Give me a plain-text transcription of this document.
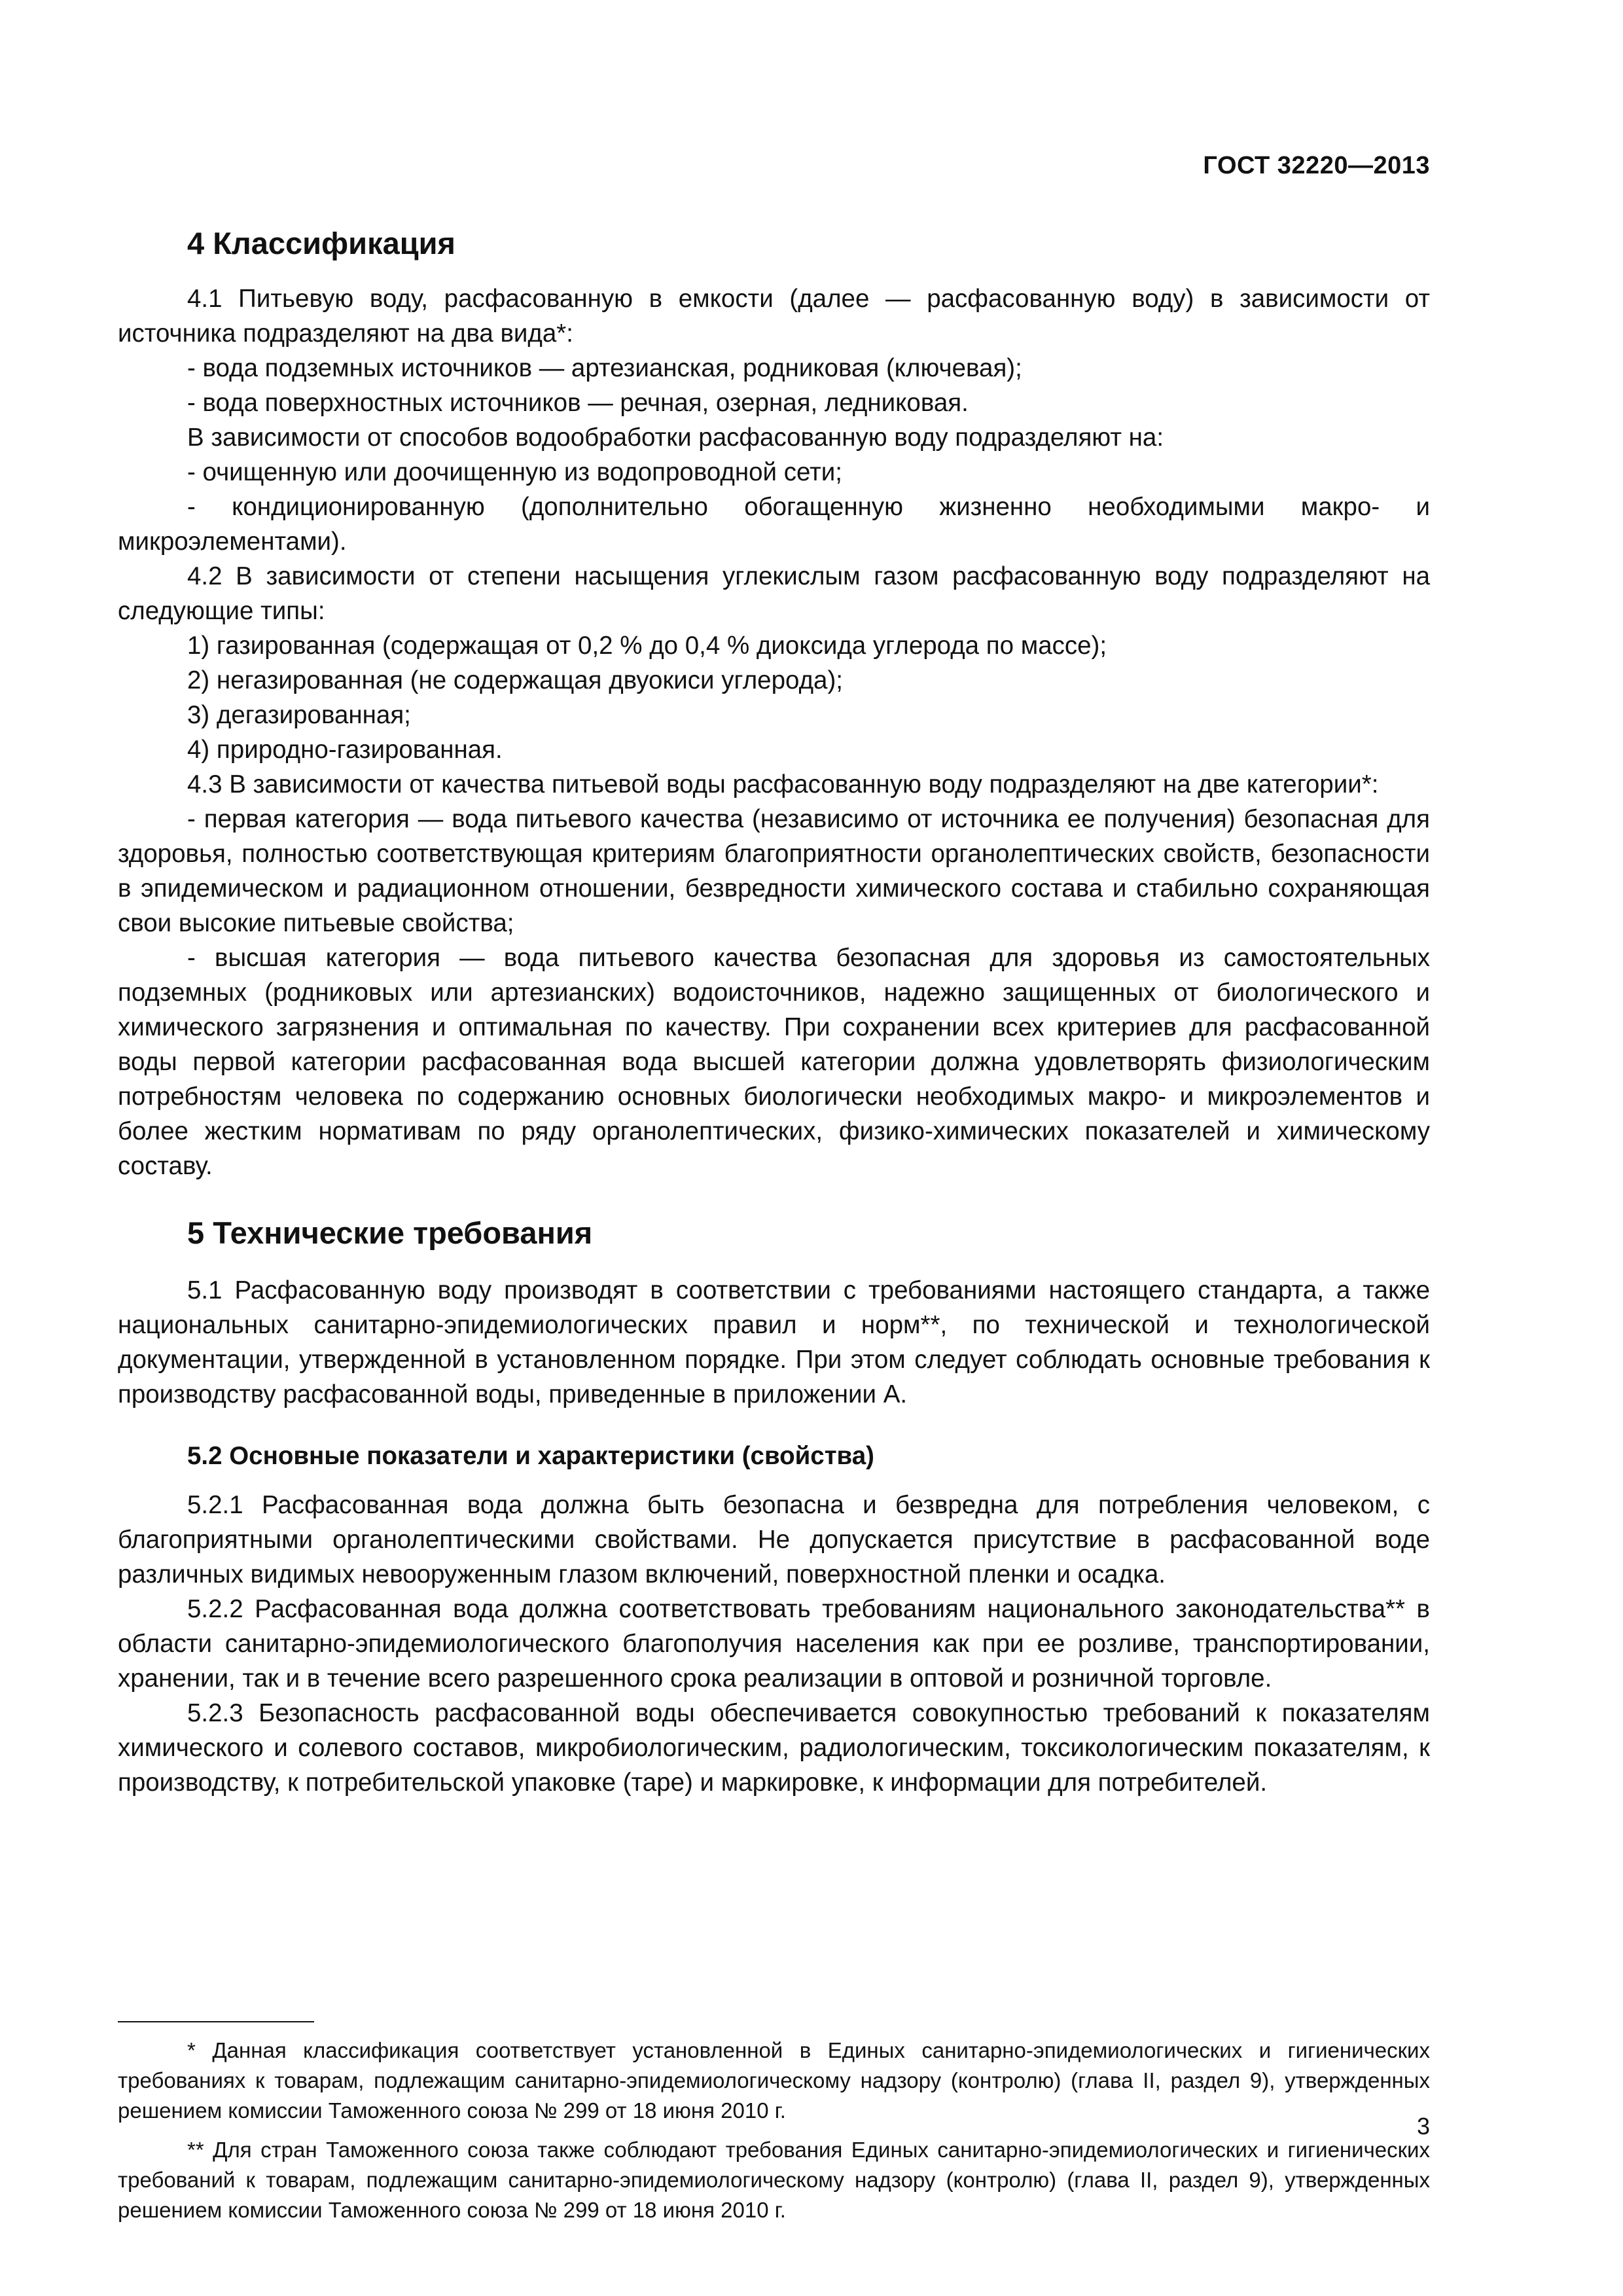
ГОСТ 32220—2013
4 Классификация

4.1 Питьевую воду, расфасованную в емкости (далее — расфасованную воду) в зависимости от источника подразделяют на два вида*:

- вода подземных источников — артезианская, родниковая (ключевая);

- вода поверхностных источников — речная, озерная, ледниковая.

В зависимости от способов водообработки расфасованную воду подразделяют на:

- очищенную или доочищенную из водопроводной сети;

- кондиционированную (дополнительно обогащенную жизненно необходимыми макро- и микроэлементами).

4.2 В зависимости от степени насыщения углекислым газом расфасованную воду подразделяют на следующие типы:

1) газированная (содержащая от 0,2 % до 0,4 % диоксида углерода по массе);

2) негазированная (не содержащая двуокиси углерода);

3) дегазированная;

4) природно-газированная.

4.3 В зависимости от качества питьевой воды расфасованную воду подразделяют на две категории*:

- первая категория — вода питьевого качества (независимо от источника ее получения) безопасная для здоровья, полностью соответствующая критериям благоприятности органолептических свойств, безопасности в эпидемическом и радиационном отношении, безвредности химического состава и стабильно сохраняющая свои высокие питьевые свойства;

- высшая категория — вода питьевого качества безопасная для здоровья из самостоятельных подземных (родниковых или артезианских) водоисточников, надежно защищенных от биологического и химического загрязнения и оптимальная по качеству. При сохранении всех критериев для расфасованной воды первой категории расфасованная вода высшей категории должна удовлетворять физиологическим потребностям человека по содержанию основных биологически необходимых макро- и микроэлементов и более жестким нормативам по ряду органолептических, физико-химических показателей и химическому составу.

5 Технические требования

5.1 Расфасованную воду производят в соответствии с требованиями настоящего стандарта, а также национальных санитарно-эпидемиологических правил и норм**, по технической и технологической документации, утвержденной в установленном порядке. При этом следует соблюдать основные требования к производству расфасованной воды, приведенные в приложении А.

5.2 Основные показатели и характеристики (свойства)

5.2.1 Расфасованная вода должна быть безопасна и безвредна для потребления человеком, с благоприятными органолептическими свойствами. Не допускается присутствие в расфасованной воде различных видимых невооруженным глазом включений, поверхностной пленки и осадка.

5.2.2 Расфасованная вода должна соответствовать требованиям национального законодательства** в области санитарно-эпидемиологического благополучия населения как при ее розливе, транспортировании, хранении, так и в течение всего разрешенного срока реализации в оптовой и розничной торговле.

5.2.3 Безопасность расфасованной воды обеспечивается совокупностью требований к показателям химического и солевого составов, микробиологическим, радиологическим, токсикологическим показателям, к производству, к потребительской упаковке (таре) и маркировке, к информации для потребителей.

* Данная классификация соответствует установленной в Единых санитарно-эпидемиологических и гигиенических требованиях к товарам, подлежащим санитарно-эпидемиологическому надзору (контролю) (глава II, раздел 9), утвержденных решением комиссии Таможенного союза № 299 от 18 июня 2010 г.

** Для стран Таможенного союза также соблюдают требования Единых санитарно-эпидемиологических и гигиенических требований к товарам, подлежащим санитарно-эпидемиологическому надзору (контролю) (глава II, раздел 9), утвержденных решением комиссии Таможенного союза № 299 от 18 июня 2010 г.

3
